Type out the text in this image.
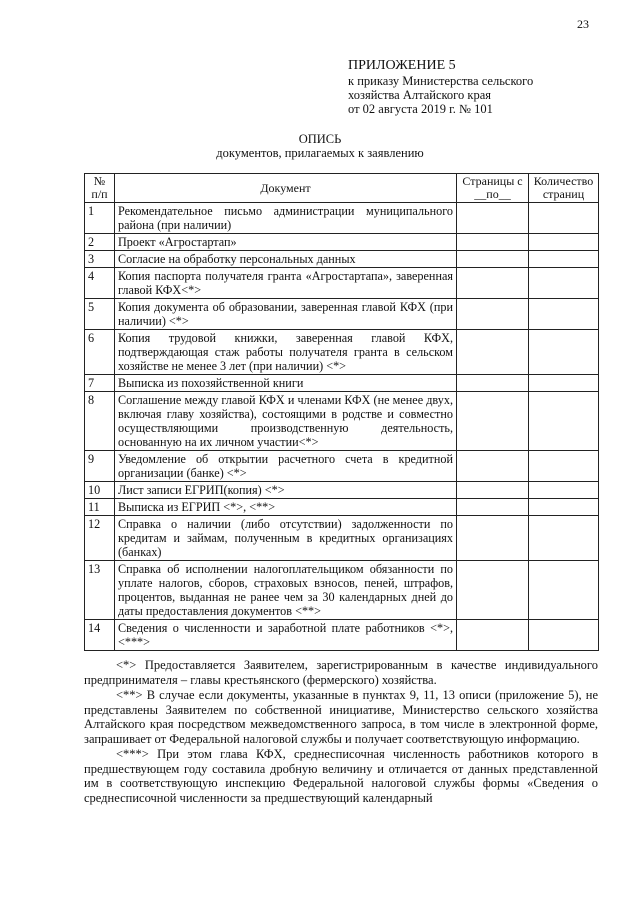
23
ПРИЛОЖЕНИЕ 5
к приказу Министерства сельского
хозяйства Алтайского края
от 02 августа 2019 г. № 101
ОПИСЬ
документов, прилагаемых к заявлению
№ п/п	Документ	Страницы с __по__	Количество страниц
1	Рекомендательное письмо администрации муниципального района (при наличии)		
2	Проект «Агростартап»		
3	Согласие на обработку персональных данных		
4	Копия паспорта получателя гранта «Агростартапа», заверенная главой КФХ<*>		
5	Копия документа об образовании, заверенная главой КФХ (при наличии) <*>		
6	Копия трудовой книжки, заверенная главой КФХ, подтверждающая стаж работы получателя гранта в сельском хозяйстве не менее 3 лет (при наличии) <*>		
7	Выписка из похозяйственной книги		
8	Соглашение между главой КФХ и членами КФХ (не менее двух, включая главу хозяйства), состоящими в родстве и совместно осуществляющими производственную деятельность, основанную на их личном участии<*>		
9	Уведомление об открытии расчетного счета в кредитной организации (банке) <*>		
10	Лист записи ЕГРИП(копия) <*>		
11	Выписка из ЕГРИП <*>, <**>		
12	Справка о наличии (либо отсутствии) задолженности по кредитам и займам, полученным в кредитных организациях (банках)		
13	Справка об исполнении налогоплательщиком обязанности по уплате налогов, сборов, страховых взносов, пеней, штрафов, процентов, выданная не ранее чем за 30 календарных дней до даты предоставления документов <**>		
14	Сведения о численности и заработной плате работников <*>, <***>		

<*> Предоставляется Заявителем, зарегистрированным в качестве индивидуального предпринимателя – главы крестьянского (фермерского) хозяйства.

<**> В случае если документы, указанные в пунктах 9, 11, 13 описи (приложение 5), не представлены Заявителем по собственной инициативе, Министерство сельского хозяйства Алтайского края посредством межведомственного запроса, в том числе в электронной форме, запрашивает от Федеральной налоговой службы и получает соответствующую информацию.

<***> При этом глава КФХ, среднесписочная численность работников которого в предшествующем году составила дробную величину и отличается от данных представленной им в соответствующую инспекцию Федеральной налоговой службы формы «Сведения о среднесписочной численности за предшествующий календарный
